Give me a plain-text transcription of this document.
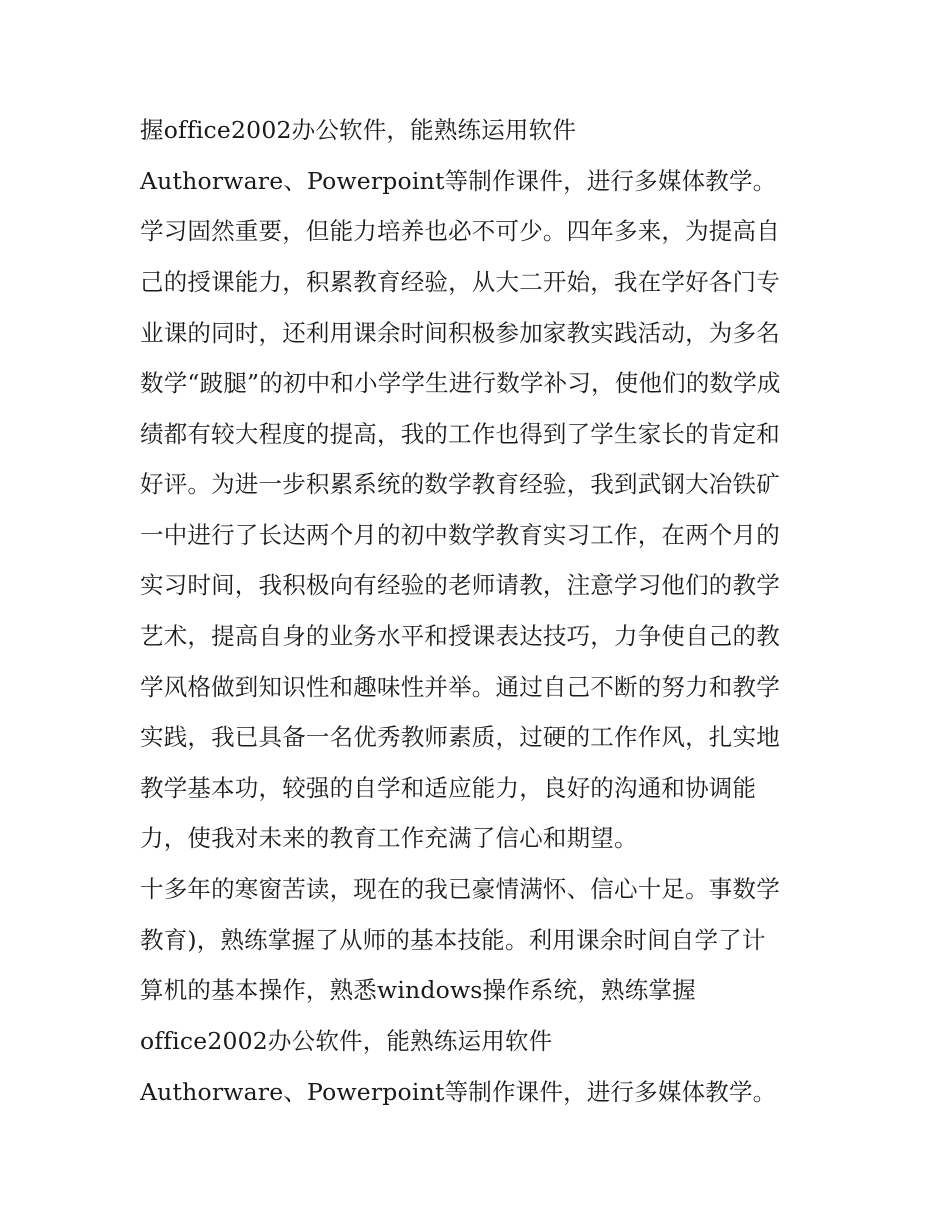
握office2002办公软件，能熟练运用软件
Authorware、Powerpoint等制作课件，进行多媒体教学。
学习固然重要，但能力培养也必不可少。四年多来，为提高自
己的授课能力，积累教育经验，从大二开始，我在学好各门专
业课的同时，还利用课余时间积极参加家教实践活动，为多名
数学“跛腿”的初中和小学学生进行数学补习，使他们的数学成
绩都有较大程度的提高，我的工作也得到了学生家长的肯定和
好评。为进一步积累系统的数学教育经验，我到武钢大冶铁矿
一中进行了长达两个月的初中数学教育实习工作，在两个月的
实习时间，我积极向有经验的老师请教，注意学习他们的教学
艺术，提高自身的业务水平和授课表达技巧，力争使自己的教
学风格做到知识性和趣味性并举。通过自己不断的努力和教学
实践，我已具备一名优秀教师素质，过硬的工作作风，扎实地
教学基本功，较强的自学和适应能力，良好的沟通和协调能
力，使我对未来的教育工作充满了信心和期望。
十多年的寒窗苦读，现在的我已豪情满怀、信心十足。事数学
教育)，熟练掌握了从师的基本技能。利用课余时间自学了计
算机的基本操作，熟悉windows操作系统，熟练掌握
office2002办公软件，能熟练运用软件
Authorware、Powerpoint等制作课件，进行多媒体教学。
